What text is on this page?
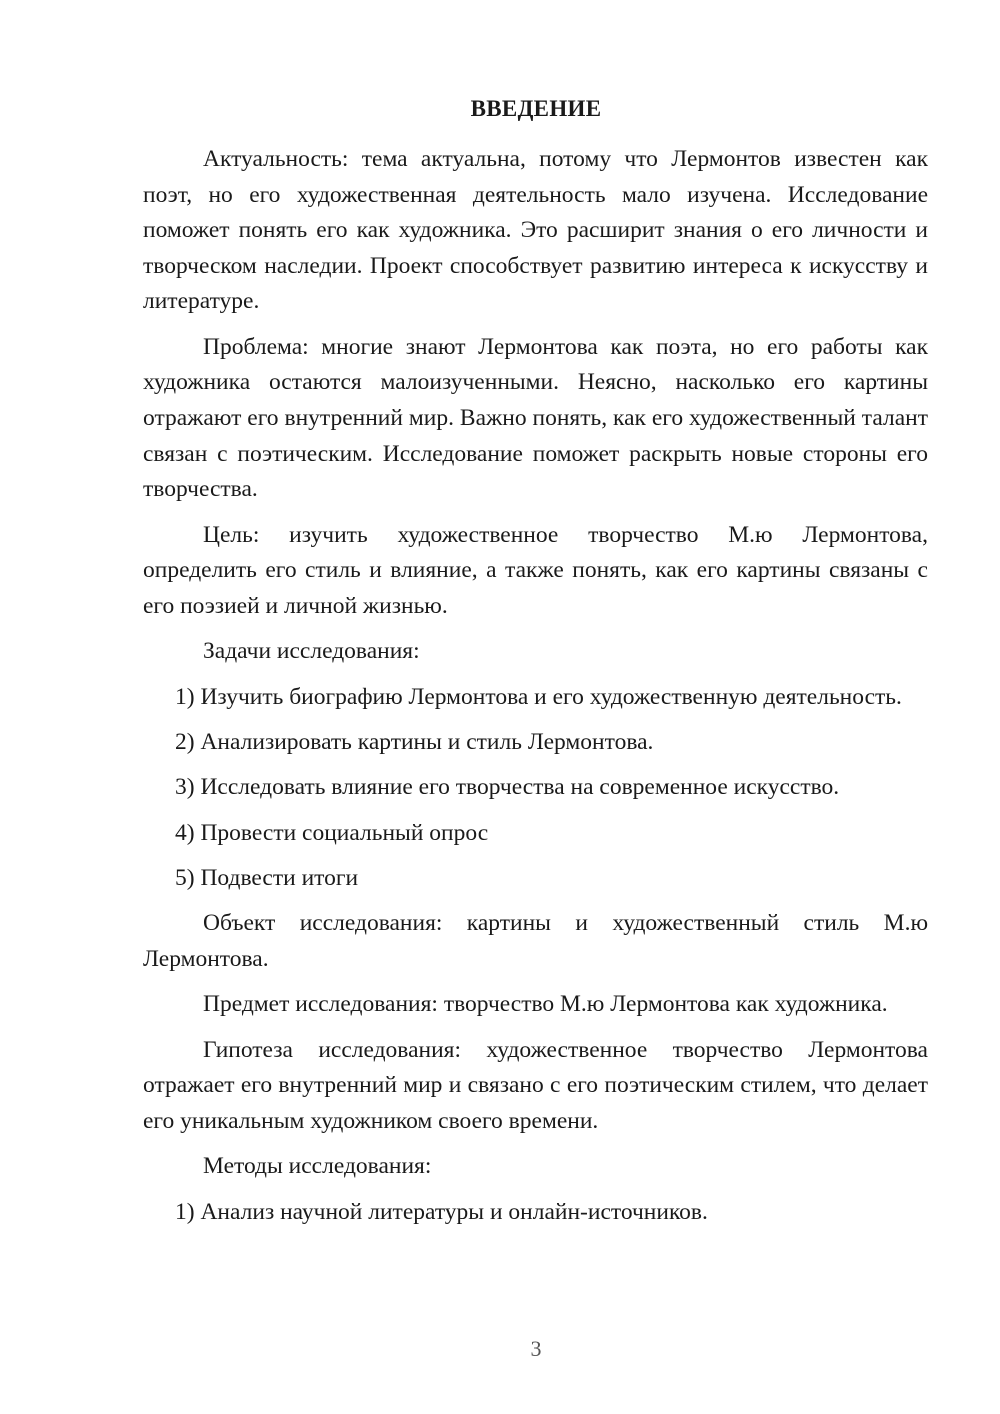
ВВЕДЕНИЕ

Актуальность: тема актуальна, потому что Лермонтов известен как поэт, но его художественная деятельность мало изучена. Исследование поможет понять его как художника. Это расширит знания о его личности и творческом наследии. Проект способствует развитию интереса к искусству и литературе.

Проблема: многие знают Лермонтова как поэта, но его работы как художника остаются малоизученными. Неясно, насколько его картины отражают его внутренний мир. Важно понять, как его художественный талант связан с поэтическим. Исследование поможет раскрыть новые стороны его творчества.

Цель: изучить художественное творчество М.ю Лермонтова, определить его стиль и влияние, а также понять, как его картины связаны с его поэзией и личной жизнью.

Задачи исследования:

1) Изучить биографию Лермонтова и его художественную деятельность.

2) Анализировать картины и стиль Лермонтова.

3) Исследовать влияние его творчества на современное искусство.

4) Провести социальный опрос

5) Подвести итоги

Объект исследования: картины и художественный стиль М.ю Лермонтова.

Предмет исследования: творчество М.ю Лермонтова как художника.

Гипотеза исследования: художественное творчество Лермонтова отражает его внутренний мир и связано с его поэтическим стилем, что делает его уникальным художником своего времени.

Методы исследования:

1) Анализ научной литературы и онлайн-источников.

3
